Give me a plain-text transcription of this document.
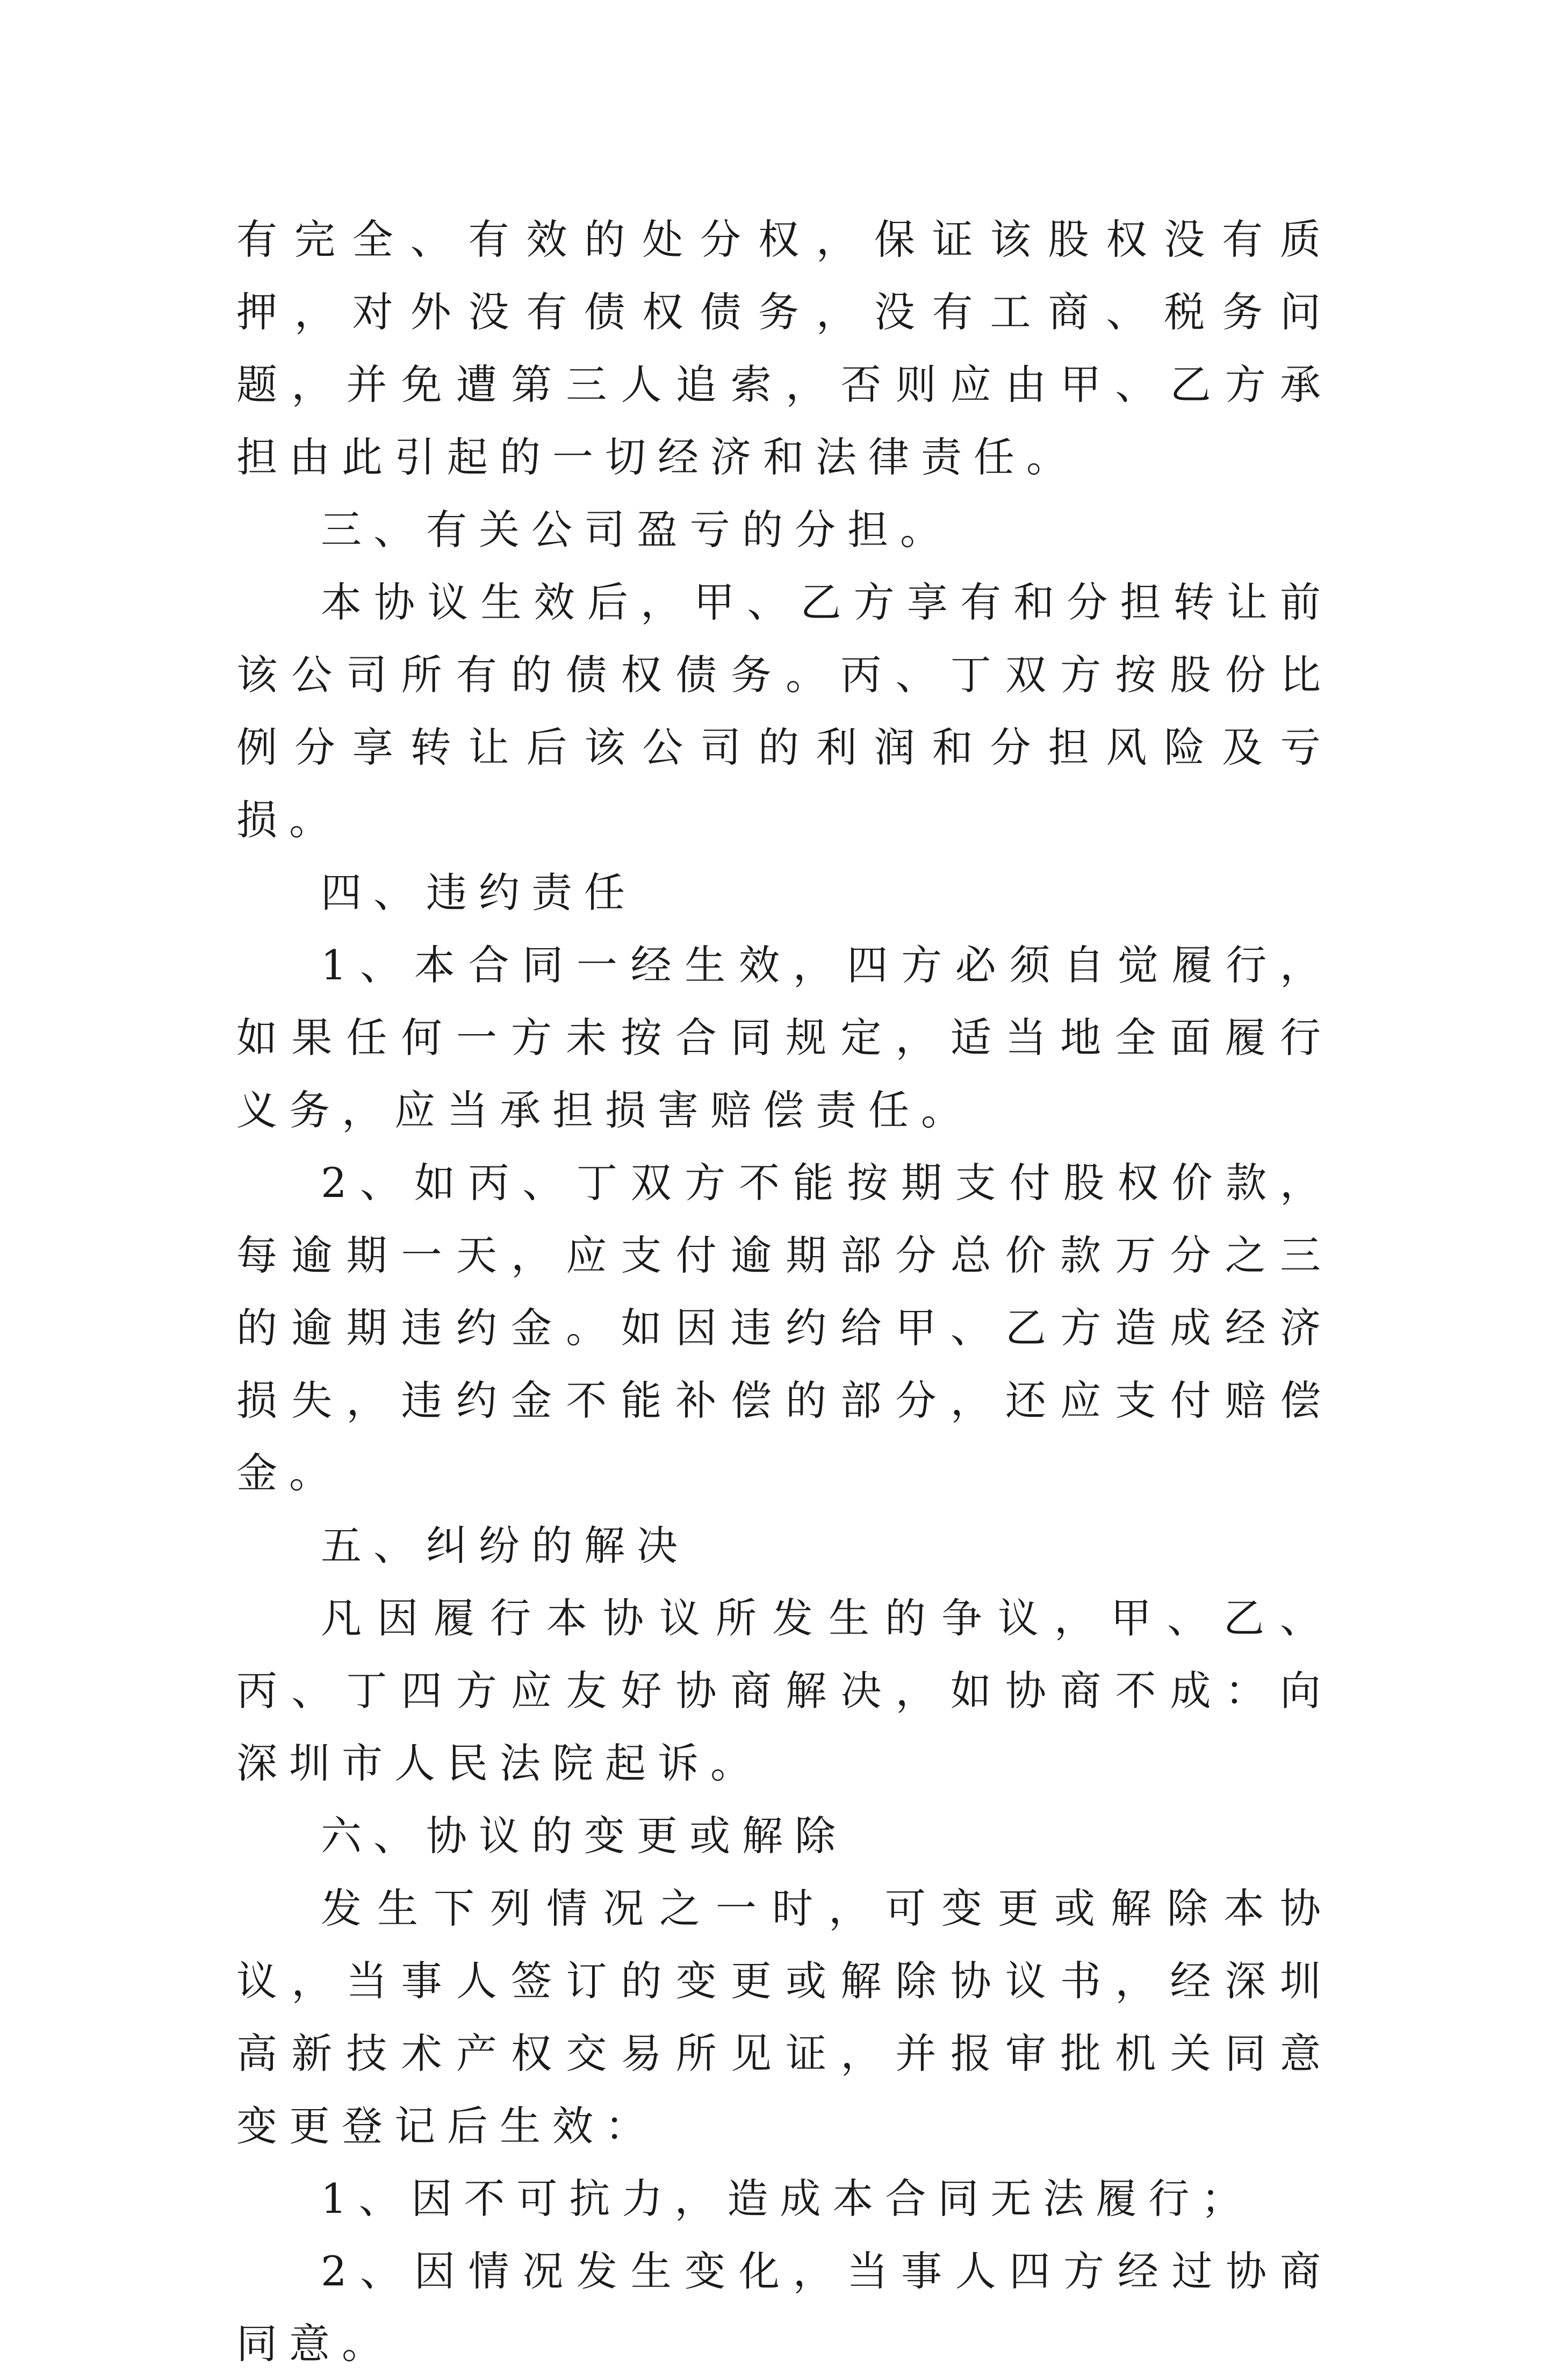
有完全、有效的处分权，保证该股权没有质押，对外没有债权债务，没有工商、税务问题，并免遭第三人追索，否则应由甲、乙方承担由此引起的一切经济和法律责任。

三、有关公司盈亏的分担。

本协议生效后，甲、乙方享有和分担转让前该公司所有的债权债务。丙、丁双方按股份比例分享转让后该公司的利润和分担风险及亏损。

四、违约责任

1、本合同一经生效，四方必须自觉履行，如果任何一方未按合同规定，适当地全面履行义务，应当承担损害赔偿责任。

2、如丙、丁双方不能按期支付股权价款，每逾期一天，应支付逾期部分总价款万分之三的逾期违约金。如因违约给甲、乙方造成经济损失，违约金不能补偿的部分，还应支付赔偿金。

五、纠纷的解决

凡因履行本协议所发生的争议，甲、乙、丙、丁四方应友好协商解决，如协商不成：向深圳市人民法院起诉。

六、协议的变更或解除

发生下列情况之一时，可变更或解除本协议，当事人签订的变更或解除协议书，经深圳高新技术产权交易所见证，并报审批机关同意变更登记后生效：

1、因不可抗力，造成本合同无法履行；

2、因情况发生变化，当事人四方经过协商同意。
